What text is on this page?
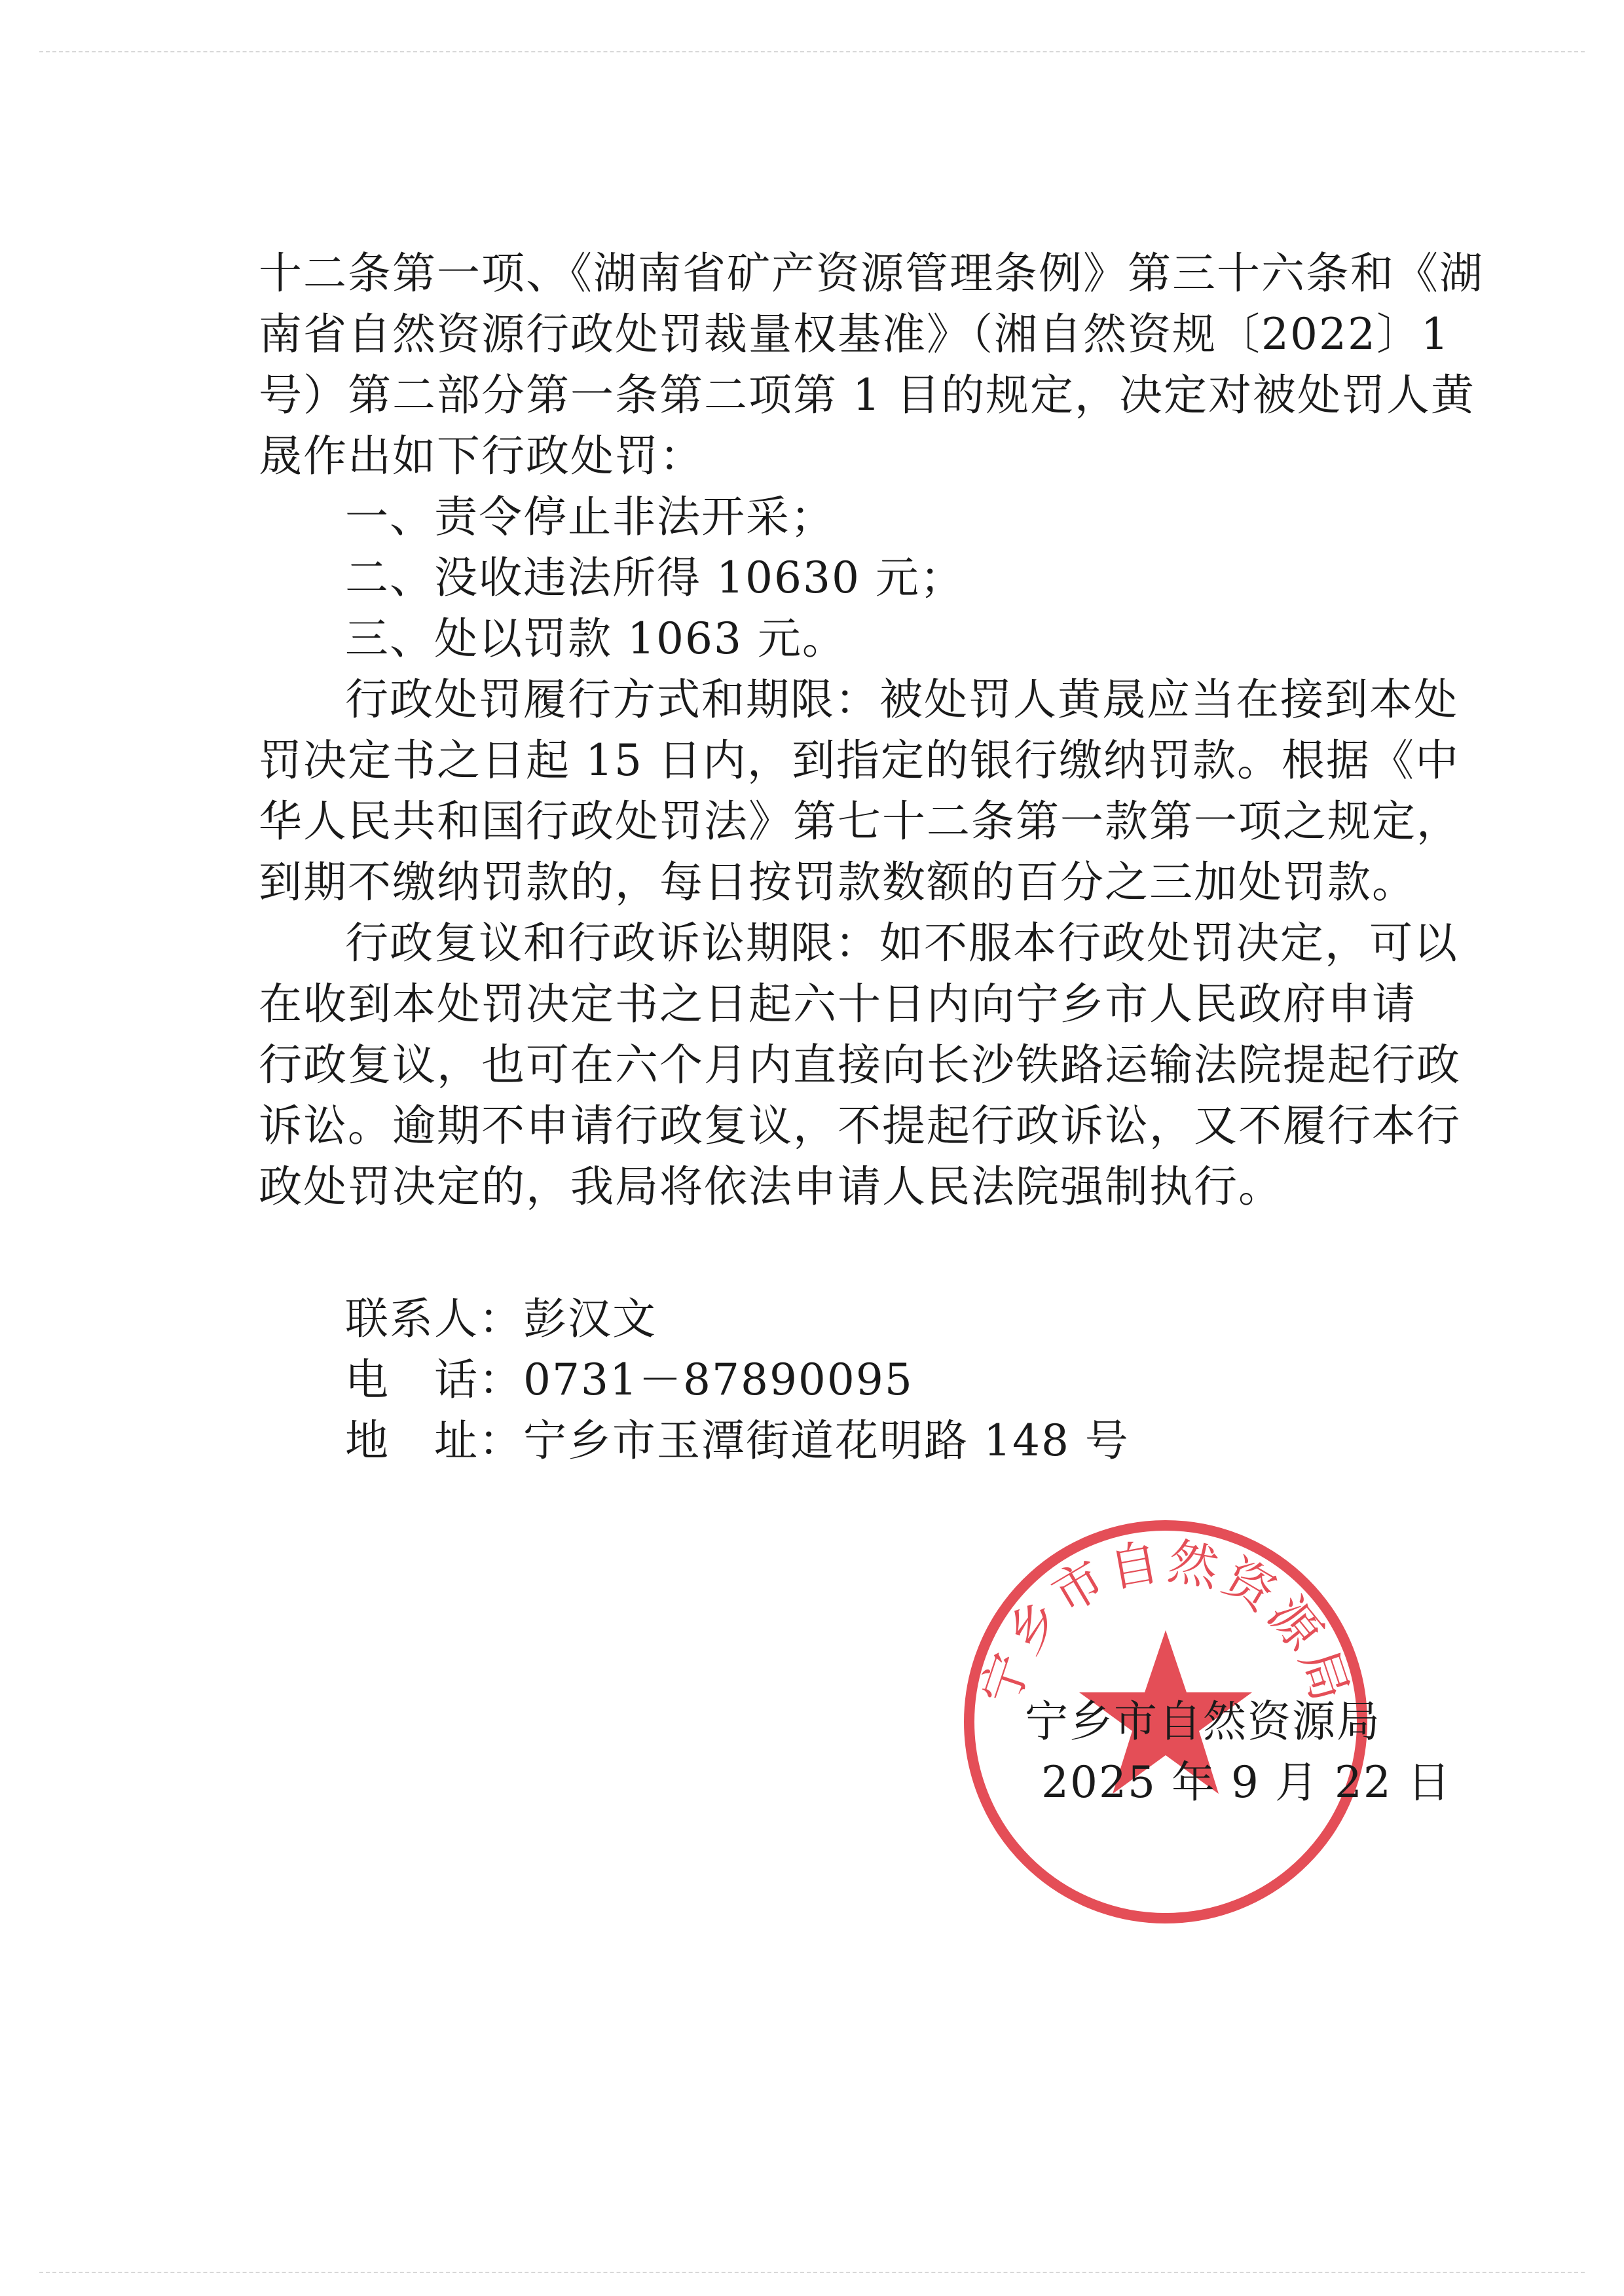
十二条第一项、《湖南省矿产资源管理条例》第三十六条和《湖
南省自然资源行政处罚裁量权基准》（湘自然资规〔2022〕1
号）第二部分第一条第二项第 1 目的规定，决定对被处罚人黄
晟作出如下行政处罚：
一、责令停止非法开采；
二、没收违法所得 10630 元；
三、处以罚款 1063 元。
行政处罚履行方式和期限：被处罚人黄晟应当在接到本处
罚决定书之日起 15 日内，到指定的银行缴纳罚款。根据《中
华人民共和国行政处罚法》第七十二条第一款第一项之规定，
到期不缴纳罚款的，每日按罚款数额的百分之三加处罚款。
行政复议和行政诉讼期限：如不服本行政处罚决定，可以
在收到本处罚决定书之日起六十日内向宁乡市人民政府申请
行政复议，也可在六个月内直接向长沙铁路运输法院提起行政
诉讼。逾期不申请行政复议，不提起行政诉讼，又不履行本行
政处罚决定的，我局将依法申请人民法院强制执行。
联系人：彭汉文
电　话：0731－87890095
地　址：宁乡市玉潭街道花明路 148 号
宁乡市自然资源局
宁乡市自然资源局
2025 年 9 月 22 日
